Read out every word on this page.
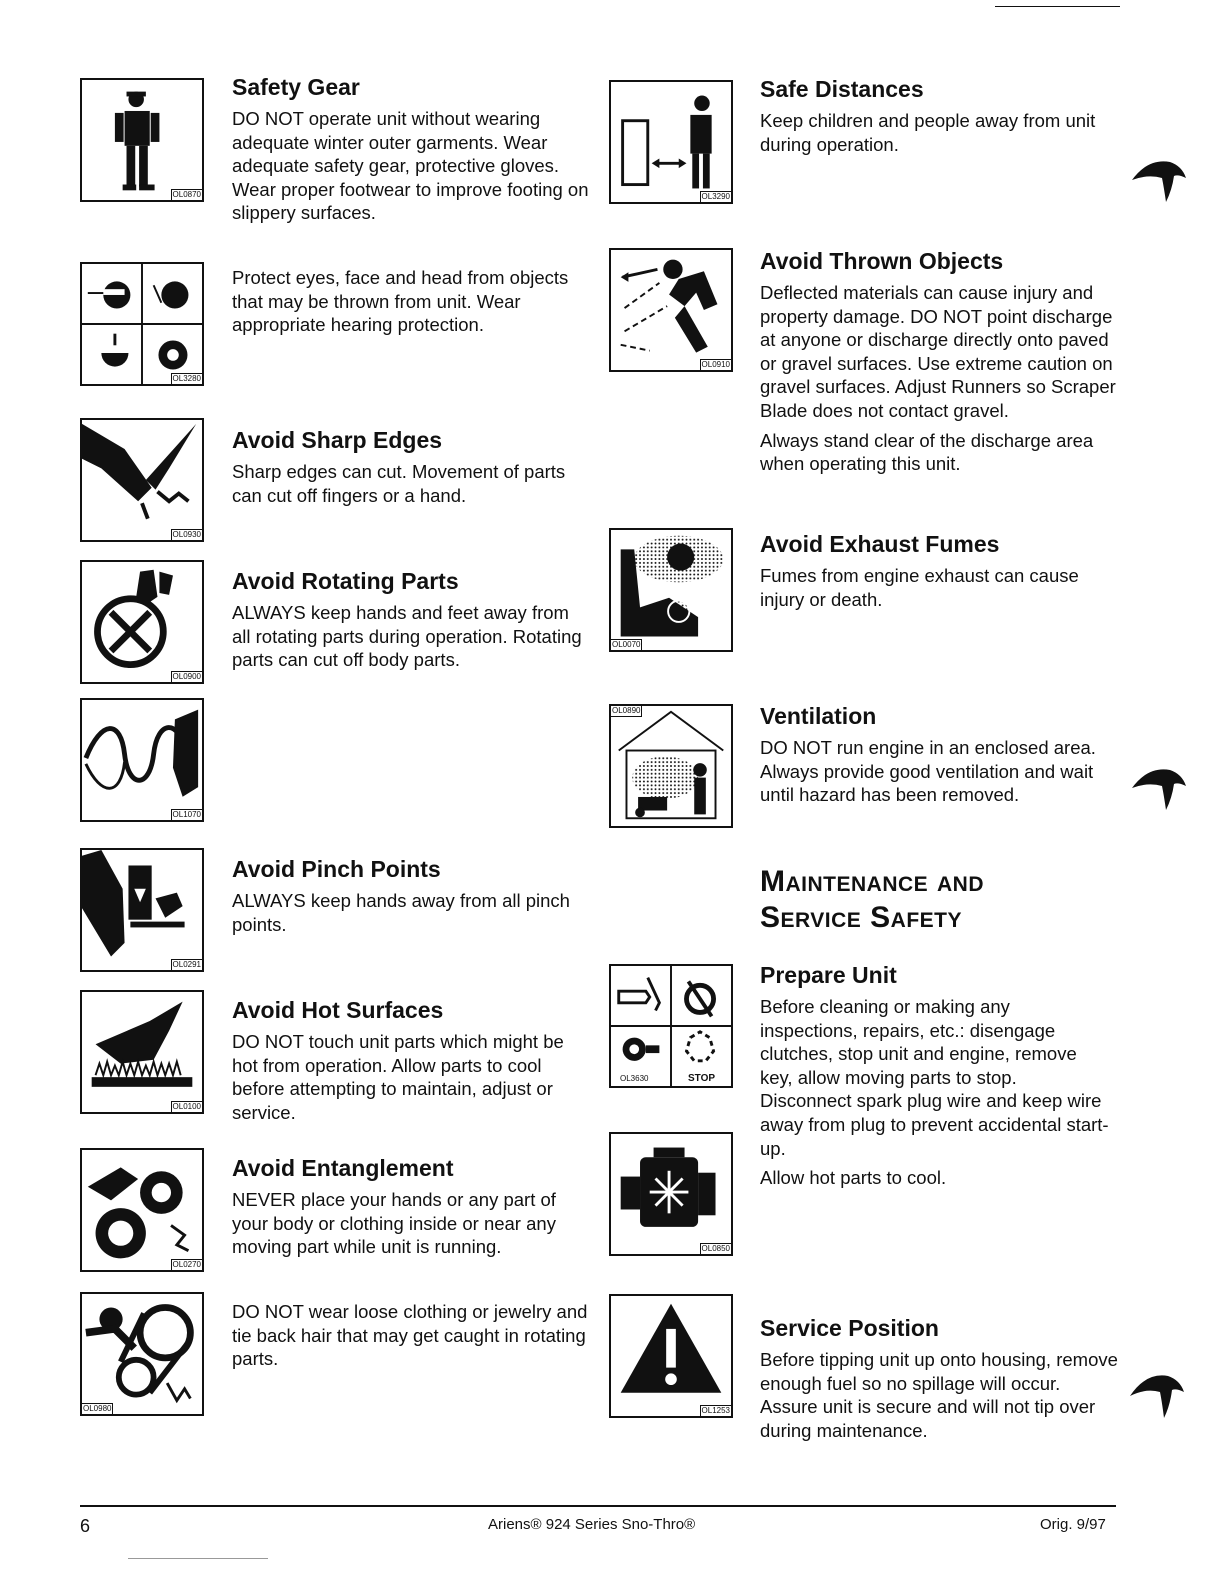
OL0870
OL3280
OL0930
OL0900
OL1070
OL0291
OL0100
OL0270
OL0980
Safety Gear

DO NOT operate unit without wearing adequate winter outer garments. Wear adequate safety gear, protective gloves. Wear proper footwear to improve footing on slippery surfaces.

Protect eyes, face and head from objects that may be thrown from unit. Wear appropriate hearing protection.

Avoid Sharp Edges

Sharp edges can cut. Movement of parts can cut off fingers or a hand.

Avoid Rotating Parts

ALWAYS keep hands and feet away from all rotating parts during operation. Rotating parts can cut off body parts.

Avoid Pinch Points

ALWAYS keep hands away from all pinch points.

Avoid Hot Surfaces

DO NOT touch unit parts which might be hot from operation. Allow parts to cool before attempting to maintain, adjust or service.

Avoid Entanglement

NEVER place your hands or any part of your body or clothing inside or near any moving part while unit is running.

DO NOT wear loose clothing or jewelry and tie back hair that may get caught in rotating parts.

OL3290
OL0910
OL0070
OL0890
OL3630	STOP
OL0850
OL1253
Safe Distances

Keep children and people away from unit during operation.

Avoid Thrown Objects

Deflected materials can cause injury and property damage. DO NOT point discharge at anyone or discharge directly onto paved or gravel surfaces. Use extreme caution on gravel surfaces. Adjust Runners so Scraper Blade does not contact gravel.

Always stand clear of the discharge area when operating this unit.

Avoid Exhaust Fumes

Fumes from engine exhaust can cause injury or death.

Ventilation

DO NOT run engine in an enclosed area. Always provide good ventilation and wait until hazard has been removed.

Maintenance and
Service Safety
Prepare Unit

Before cleaning or making any inspections, repairs, etc.: disengage clutches, stop unit and engine, remove key, allow moving parts to stop. Disconnect spark plug wire and keep wire away from plug to prevent accidental start-up.

Allow hot parts to cool.

Service Position

Before tipping unit up onto housing, remove enough fuel so no spillage will occur. Assure unit is secure and will not tip over during maintenance.

6	Ariens® 924 Series Sno-Thro®	Orig. 9/97
